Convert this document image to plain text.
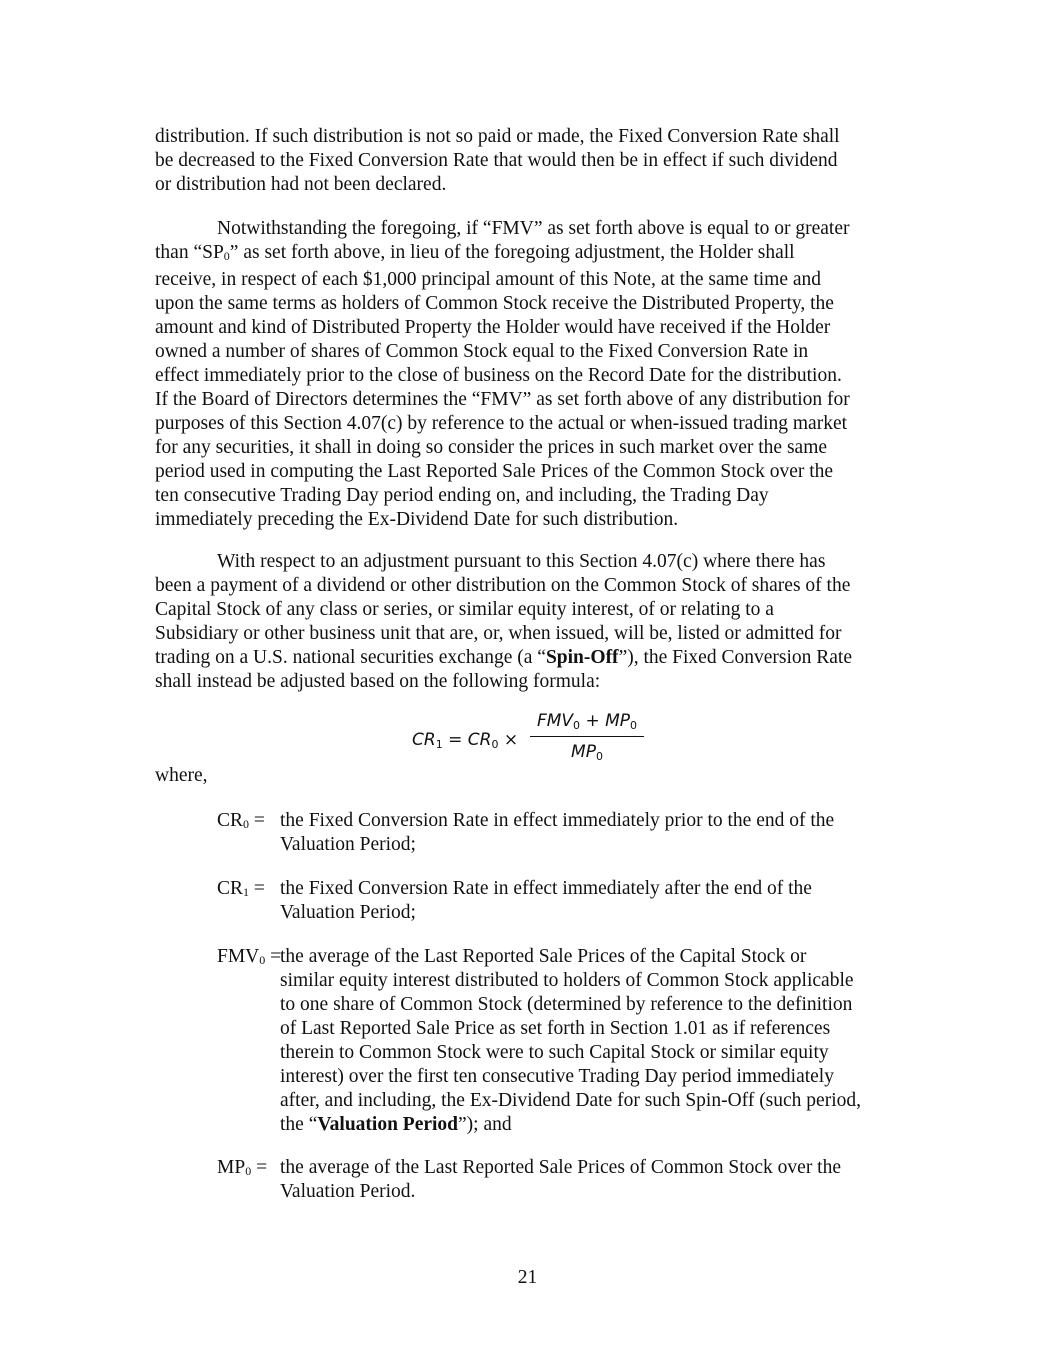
distribution. If such distribution is not so paid or made, the Fixed Conversion Rate shall
be decreased to the Fixed Conversion Rate that would then be in effect if such dividend
or distribution had not been declared.
Notwithstanding the foregoing, if “FMV” as set forth above is equal to or greater
than “SP0” as set forth above, in lieu of the foregoing adjustment, the Holder shall
receive, in respect of each $1,000 principal amount of this Note, at the same time and
upon the same terms as holders of Common Stock receive the Distributed Property, the
amount and kind of Distributed Property the Holder would have received if the Holder
owned a number of shares of Common Stock equal to the Fixed Conversion Rate in
effect immediately prior to the close of business on the Record Date for the distribution.
If the Board of Directors determines the “FMV” as set forth above of any distribution for
purposes of this Section 4.07(c) by reference to the actual or when-issued trading market
for any securities, it shall in doing so consider the prices in such market over the same
period used in computing the Last Reported Sale Prices of the Common Stock over the
ten consecutive Trading Day period ending on, and including, the Trading Day
immediately preceding the Ex-Dividend Date for such distribution.
With respect to an adjustment pursuant to this Section 4.07(c) where there has
been a payment of a dividend or other distribution on the Common Stock of shares of the
Capital Stock of any class or series, or similar equity interest, of or relating to a
Subsidiary or other business unit that are, or, when issued, will be, listed or admitted for
trading on a U.S. national securities exchange (a “Spin-Off”), the Fixed Conversion Rate
shall instead be adjusted based on the following formula:
$CR_1 = CR_0$ ×
$FMV_0 + MP_0$
$MP_0$
where,
CR0 = the Fixed Conversion Rate in effect immediately prior to the end of the
Valuation Period;
CR1 = the Fixed Conversion Rate in effect immediately after the end of the
Valuation Period;
FMV0 =
the average of the Last Reported Sale Prices of the Capital Stock or
similar equity interest distributed to holders of Common Stock applicable
to one share of Common Stock (determined by reference to the definition
of Last Reported Sale Price as set forth in Section 1.01 as if references
therein to Common Stock were to such Capital Stock or similar equity
interest) over the first ten consecutive Trading Day period immediately
after, and including, the Ex-Dividend Date for such Spin-Off (such period,
the “Valuation Period”); and
MP0 = the average of the Last Reported Sale Prices of Common Stock over the
Valuation Period.
21
